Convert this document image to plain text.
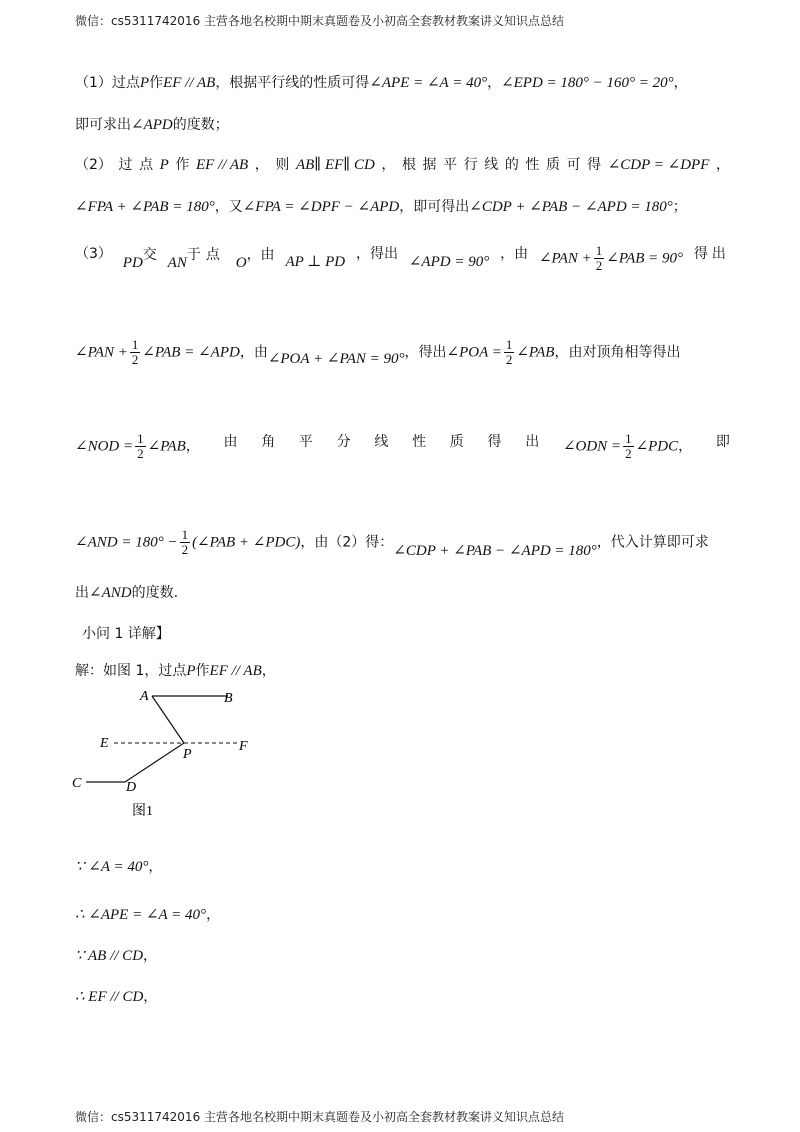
微信：cs5311742016 主营各地名校期中期末真题卷及小初高全套教材教案讲义知识点总结
（1）过点P作EF // AB，根据平行线的性质可得∠APE = ∠A = 40°，∠EPD = 180° − 160° = 20°，
即可求出∠APD的度数；
（2） 过 点 P 作 EF // AB ， 则 AB∥ EF∥ CD ， 根 据 平 行 线 的 性 质 可 得 ∠CDP = ∠DPF ，
∠FPA + ∠PAB = 180°，又∠FPA = ∠DPF − ∠APD，即可得出∠CDP + ∠PAB − ∠APD = 180°；
（3）
PD交 AN于点 O，由 AP ⊥ PD ，得出 ∠APD = 90° ，由 ∠PAN + $\frac{1}{2}$ ∠PAB = 90° 得出
∠PAN + $\frac{1}{2}$ ∠PAB = ∠APD，由∠POA + ∠PAN = 90°，得出∠POA = $\frac{1}{2}$ ∠PAB，由对顶角相等得出
∠NOD = $\frac{1}{2}$ ∠PAB， 由 角 平 分 线 性 质 得 出 ∠ODN = $\frac{1}{2}$ ∠PDC， 即
∠AND = $180^\circ - \frac{1}{2}$ (∠PAB + ∠PDC)，由（2）得：∠CDP + ∠PAB − ∠APD = 180°，代入计算即可求
出∠AND的度数.
小问 1 详解】
解：如图 1，过点P作EF // AB，
A	B
E	F
P
C	D
图1
∵ ∠A = 40°，
∴ ∠APE = ∠A = 40°，
∵ AB // CD，
∴ EF // CD，
微信：cs5311742016 主营各地名校期中期末真题卷及小初高全套教材教案讲义知识点总结
